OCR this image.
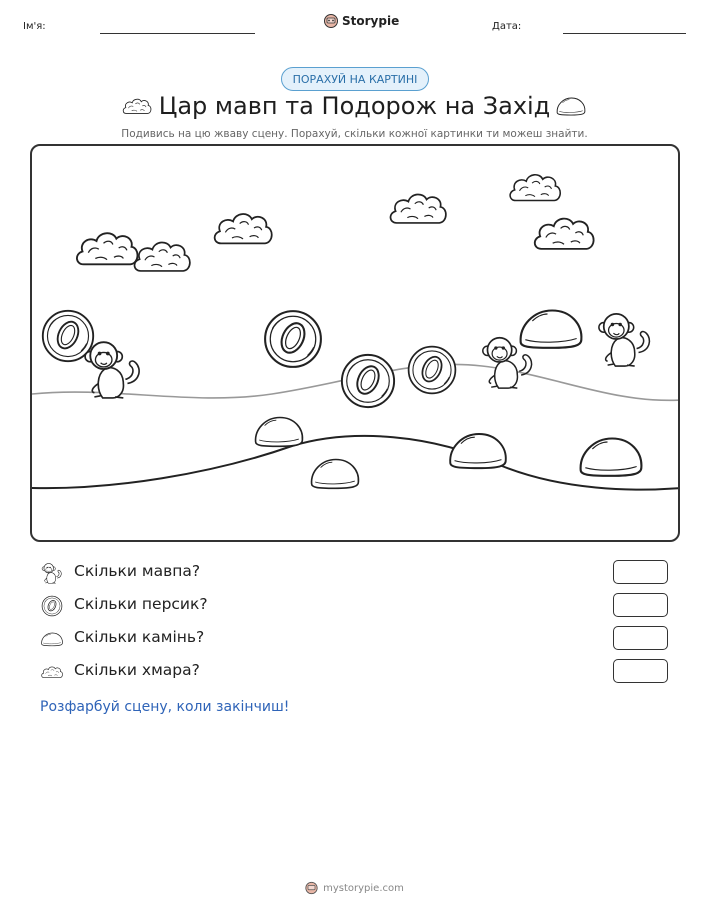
Ім'я:	Storypie	Дата:
ПОРАХУЙ НА КАРТИНІ
Цар мавп та Подорож на Захід
Подивись на цю жваву сцену. Порахуй, скільки кожної картинки ти можеш знайти.
Скільки мавпа?
Скільки персик?
Скільки камінь?
Скільки хмара?
Розфарбуй сцену, коли закінчиш!
mystorypie.com
